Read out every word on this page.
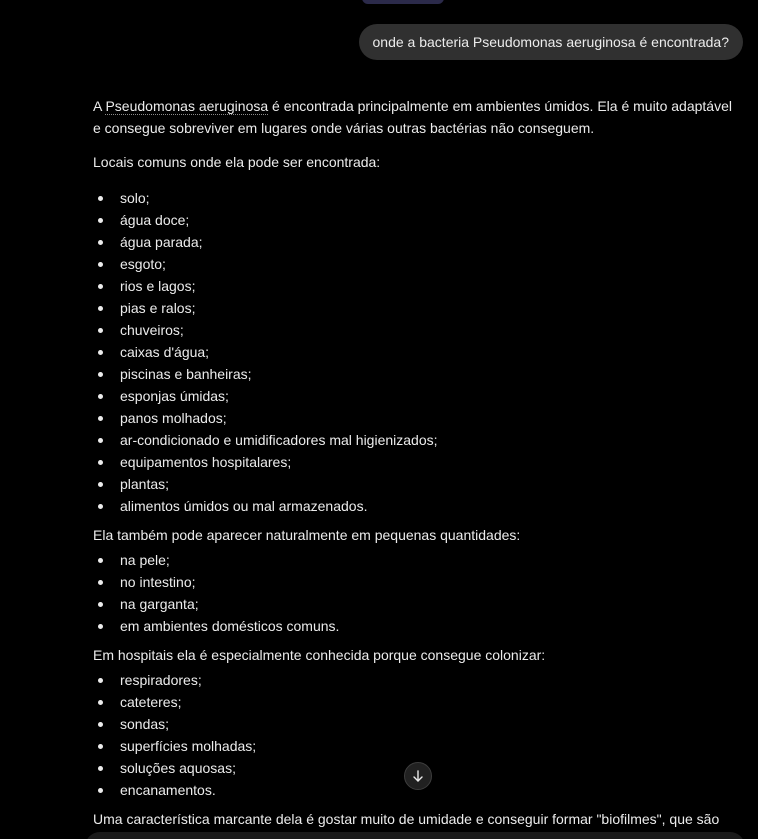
onde a bacteria Pseudomonas aeruginosa é encontrada?

A Pseudomonas aeruginosa é encontrada principalmente em ambientes úmidos. Ela é muito adaptável e consegue sobreviver em lugares onde várias outras bactérias não conseguem.

Locais comuns onde ela pode ser encontrada:

solo;
água doce;
água parada;
esgoto;
rios e lagos;
pias e ralos;
chuveiros;
caixas d'água;
piscinas e banheiras;
esponjas úmidas;
panos molhados;
ar-condicionado e umidificadores mal higienizados;
equipamentos hospitalares;
plantas;
alimentos úmidos ou mal armazenados.

Ela também pode aparecer naturalmente em pequenas quantidades:

na pele;
no intestino;
na garganta;
em ambientes domésticos comuns.

Em hospitais ela é especialmente conhecida porque consegue colonizar:

respiradores;
cateteres;
sondas;
superfícies molhadas;
soluções aquosas;
encanamentos.

Uma característica marcante dela é gostar muito de umidade e conseguir formar "biofilmes", que são
